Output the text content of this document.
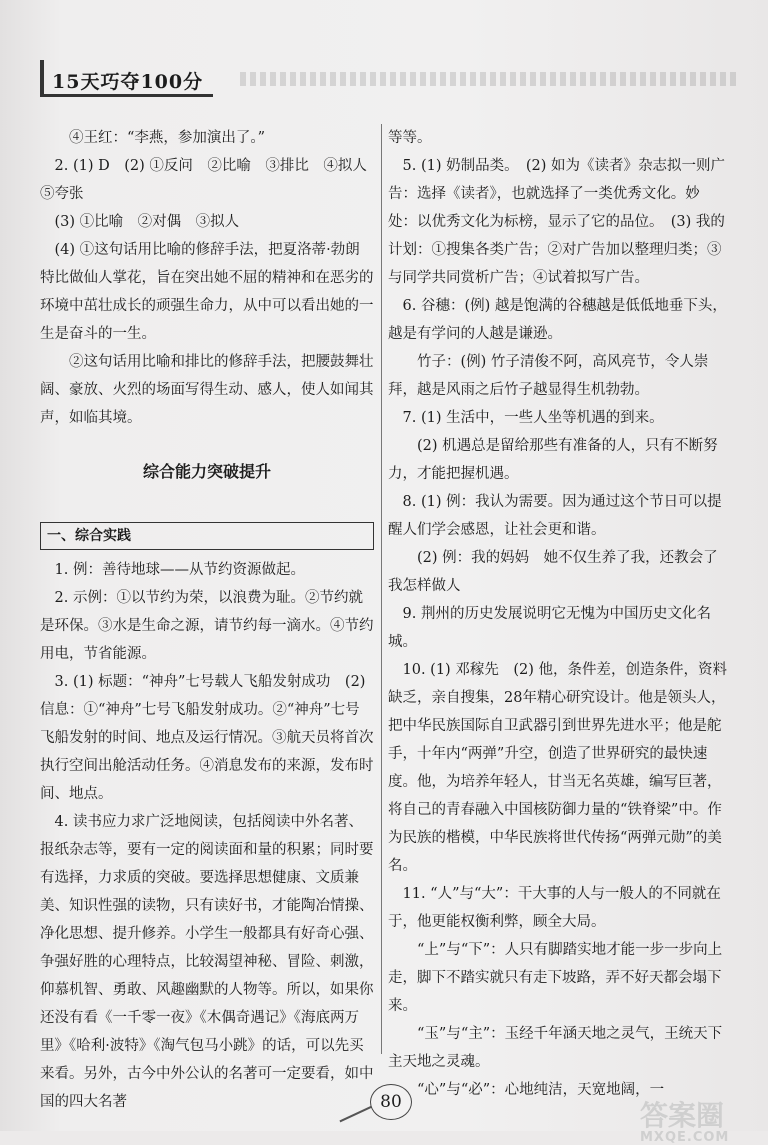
15天巧夺100分

④王红：“李燕，参加演出了。”

2. (1) D　(2) ①反问　②比喻　③排比　④拟人　⑤夸张

(3) ①比喻　②对偶　③拟人

(4) ①这句话用比喻的修辞手法，把夏洛蒂·勃朗特比做仙人掌花，旨在突出她不屈的精神和在恶劣的环境中茁壮成长的顽强生命力，从中可以看出她的一生是奋斗的一生。

②这句话用比喻和排比的修辞手法，把腰鼓舞壮阔、豪放、火烈的场面写得生动、感人，使人如闻其声，如临其境。

综合能力突破提升
一、综合实践

1. 例：善待地球——从节约资源做起。

2. 示例：①以节约为荣，以浪费为耻。②节约就是环保。③水是生命之源，请节约每一滴水。④节约用电，节省能源。

3. (1) 标题：“神舟”七号载人飞船发射成功　(2) 信息：①“神舟”七号飞船发射成功。②“神舟”七号飞船发射的时间、地点及运行情况。③航天员将首次执行空间出舱活动任务。④消息发布的来源，发布时间、地点。

4. 读书应力求广泛地阅读，包括阅读中外名著、报纸杂志等，要有一定的阅读面和量的积累；同时要有选择，力求质的突破。要选择思想健康、文质兼美、知识性强的读物，只有读好书，才能陶冶情操、净化思想、提升修养。小学生一般都具有好奇心强、争强好胜的心理特点，比较渴望神秘、冒险、刺激，仰慕机智、勇敢、风趣幽默的人物等。所以，如果你还没有看《一千零一夜》《木偶奇遇记》《海底两万里》《哈利·波特》《淘气包马小跳》的话，可以先买来看。另外，古今中外公认的名著可一定要看，如中国的四大名著

等等。

5. (1) 奶制品类。　(2) 如为《读者》杂志拟一则广告：选择《读者》，也就选择了一类优秀文化。妙处：以优秀文化为标榜，显示了它的品位。　(3) 我的计划：①搜集各类广告；②对广告加以整理归类；③与同学共同赏析广告；④试着拟写广告。

6. 谷穗：(例) 越是饱满的谷穗越是低低地垂下头，越是有学问的人越是谦逊。

竹子：(例) 竹子清俊不阿，高风亮节，令人崇拜，越是风雨之后竹子越显得生机勃勃。

7. (1) 生活中，一些人坐等机遇的到来。

(2) 机遇总是留给那些有准备的人，只有不断努力，才能把握机遇。

8. (1) 例：我认为需要。因为通过这个节日可以提醒人们学会感恩，让社会更和谐。

(2) 例：我的妈妈　她不仅生养了我，还教会了我怎样做人

9. 荆州的历史发展说明它无愧为中国历史文化名城。

10. (1) 邓稼先　(2) 他，条件差，创造条件，资料缺乏，亲自搜集，28年精心研究设计。他是领头人，把中华民族国际自卫武器引到世界先进水平；他是舵手，十年内“两弹”升空，创造了世界研究的最快速度。他，为培养年轻人，甘当无名英雄，编写巨著，将自己的青春融入中国核防御力量的“铁脊梁”中。作为民族的楷模，中华民族将世代传扬“两弹元勋”的美名。

11. “人”与“大”：干大事的人与一般人的不同就在于，他更能权衡利弊，顾全大局。

“上”与“下”：人只有脚踏实地才能一步一步向上走，脚下不踏实就只有走下坡路，弄不好天都会塌下来。

“玉”与“主”：玉经千年涵天地之灵气，王统天下主天地之灵魂。

“心”与“必”：心地纯洁，天宽地阔，一

80	答案圈
MXQE.COM
